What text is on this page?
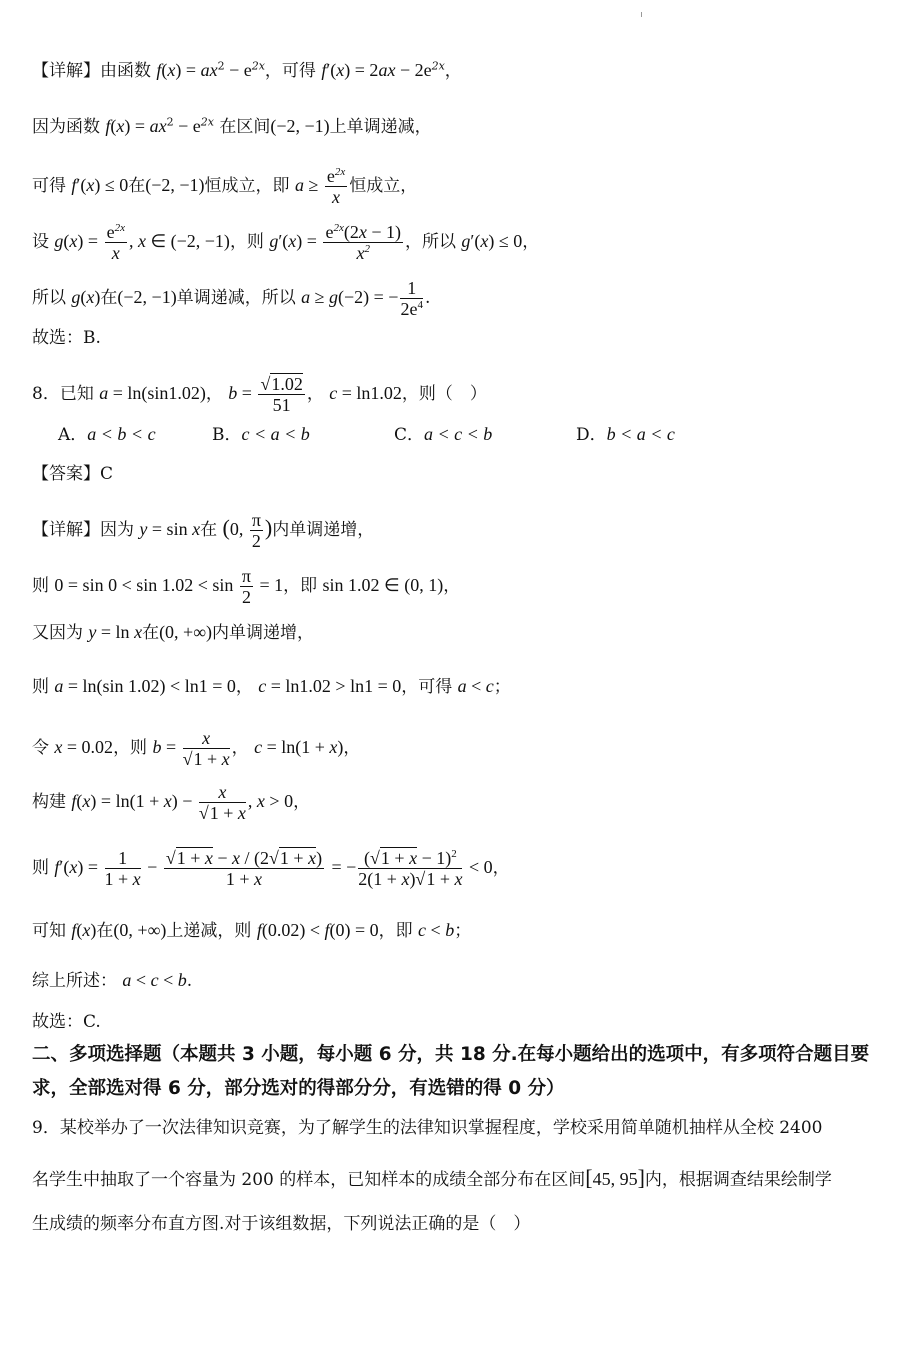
【详解】由函数 $f(x) = ax^2 - e^{2x}$，可得 $f'(x) = 2ax - 2e^{2x}$，
因为函数 $f(x) = ax^2 - e^{2x}$ 在区间(−2, −1)上单调递减，
可得 f′(x) ≤ 0在(−2, −1)恒成立，即 $a \ge \frac{e^{2x}}{x}$ 恒成立，
设 $g(x) = \frac{e^{2x}}{x}$ , x ∈ (−2, −1)，则 $g'(x) = \frac{e^{2x}(2x - 1)}{x^2}$ ，所以 g′(x) ≤ 0，
所以 g(x)在(−2, −1)单调递减，所以 a ≥ g(−2) = − $\frac{1}{2e^4}$ .
故选：B.
8．已知 a = ln(sin1.02)， $b = \frac{√1.02}{51}$ ， c = ln1.02，则（　）
A．a < b < c	B．c < a < b	C．a < c < b	D．b < a < c
【答案】C
【详解】因为 y = sin x在 (0, $\frac{\pi}{2}$ )内单调递增，
则 $0 = \sin 0 < \sin 1.02 < \sin \frac{\pi}{2} = 1$，即 sin 1.02 ∈ (0, 1)，
又因为 y = ln x在(0, +∞)内单调递增，
则 a = ln(sin 1.02) < ln1 = 0， c = ln1.02 > ln1 = 0，可得 a < c；
令 x = 0.02，则 $b = \frac{x}{√1 + x}$ ， c = ln(1 + x)，
构建 $f(x) = \ln(1 + x) - \frac{x}{√1 + x}$ , x > 0，
则 $f'(x) = \frac{1}{1 + x} - \frac{√1 + x - x / (2√1 + x)}{1 + x}$ = − $\frac{(√1 + x - 1)^2}{2(1 + x)√1 + x} < 0$，
可知 f(x)在(0, +∞)上递减，则 f(0.02) < f(0) = 0，即 c < b；
综上所述： a < c < b.
故选：C.
二、多项选择题（本题共 3 小题，每小题 6 分，共 18 分.在每小题给出的选项中，有多项符合题目要求，全部选对得 6 分，部分选对的得部分分，有选错的得 0 分）
9．某校举办了一次法律知识竞赛，为了解学生的法律知识掌握程度，学校采用简单随机抽样从全校 2400
名学生中抽取了一个容量为 200 的样本，已知样本的成绩全部分布在区间[45, 95]内，根据调查结果绘制学
生成绩的频率分布直方图.对于该组数据，下列说法正确的是（　）
